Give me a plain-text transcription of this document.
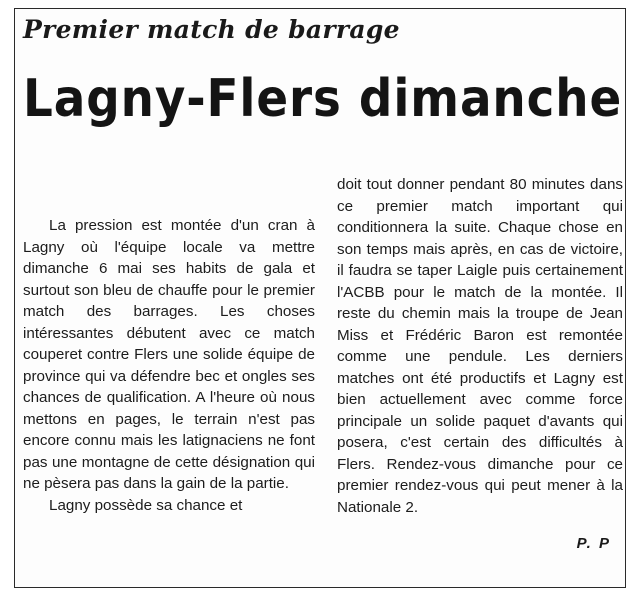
Premier match de barrage
Lagny-Flers dimanche

La pression est montée d'un cran à Lagny où l'équipe locale va mettre dimanche 6 mai ses habits de gala et surtout son bleu de chauffe pour le premier match des barrages. Les choses intéressantes débutent avec ce match couperet contre Flers une solide équipe de province qui va défendre bec et ongles ses chances de qualification. A l'heure où nous mettons en pages, le terrain n'est pas encore connu mais les latignaciens ne font pas une montagne de cette désignation qui ne pèsera pas dans la gain de la partie.

Lagny possède sa chance et

doit tout donner pendant 80 minutes dans ce premier match important qui conditionnera la suite. Chaque chose en son temps mais après, en cas de victoire, il faudra se taper Laigle puis certainement l'ACBB pour le match de la montée. Il reste du chemin mais la troupe de Jean Miss et Frédéric Baron est remontée comme une pendule. Les derniers matches ont été productifs et Lagny est bien actuellement avec comme force principale un solide paquet d'avants qui posera, c'est certain des difficultés à Flers. Rendez-vous dimanche pour ce premier rendez-vous qui peut mener à la Nationale 2.

P. P
